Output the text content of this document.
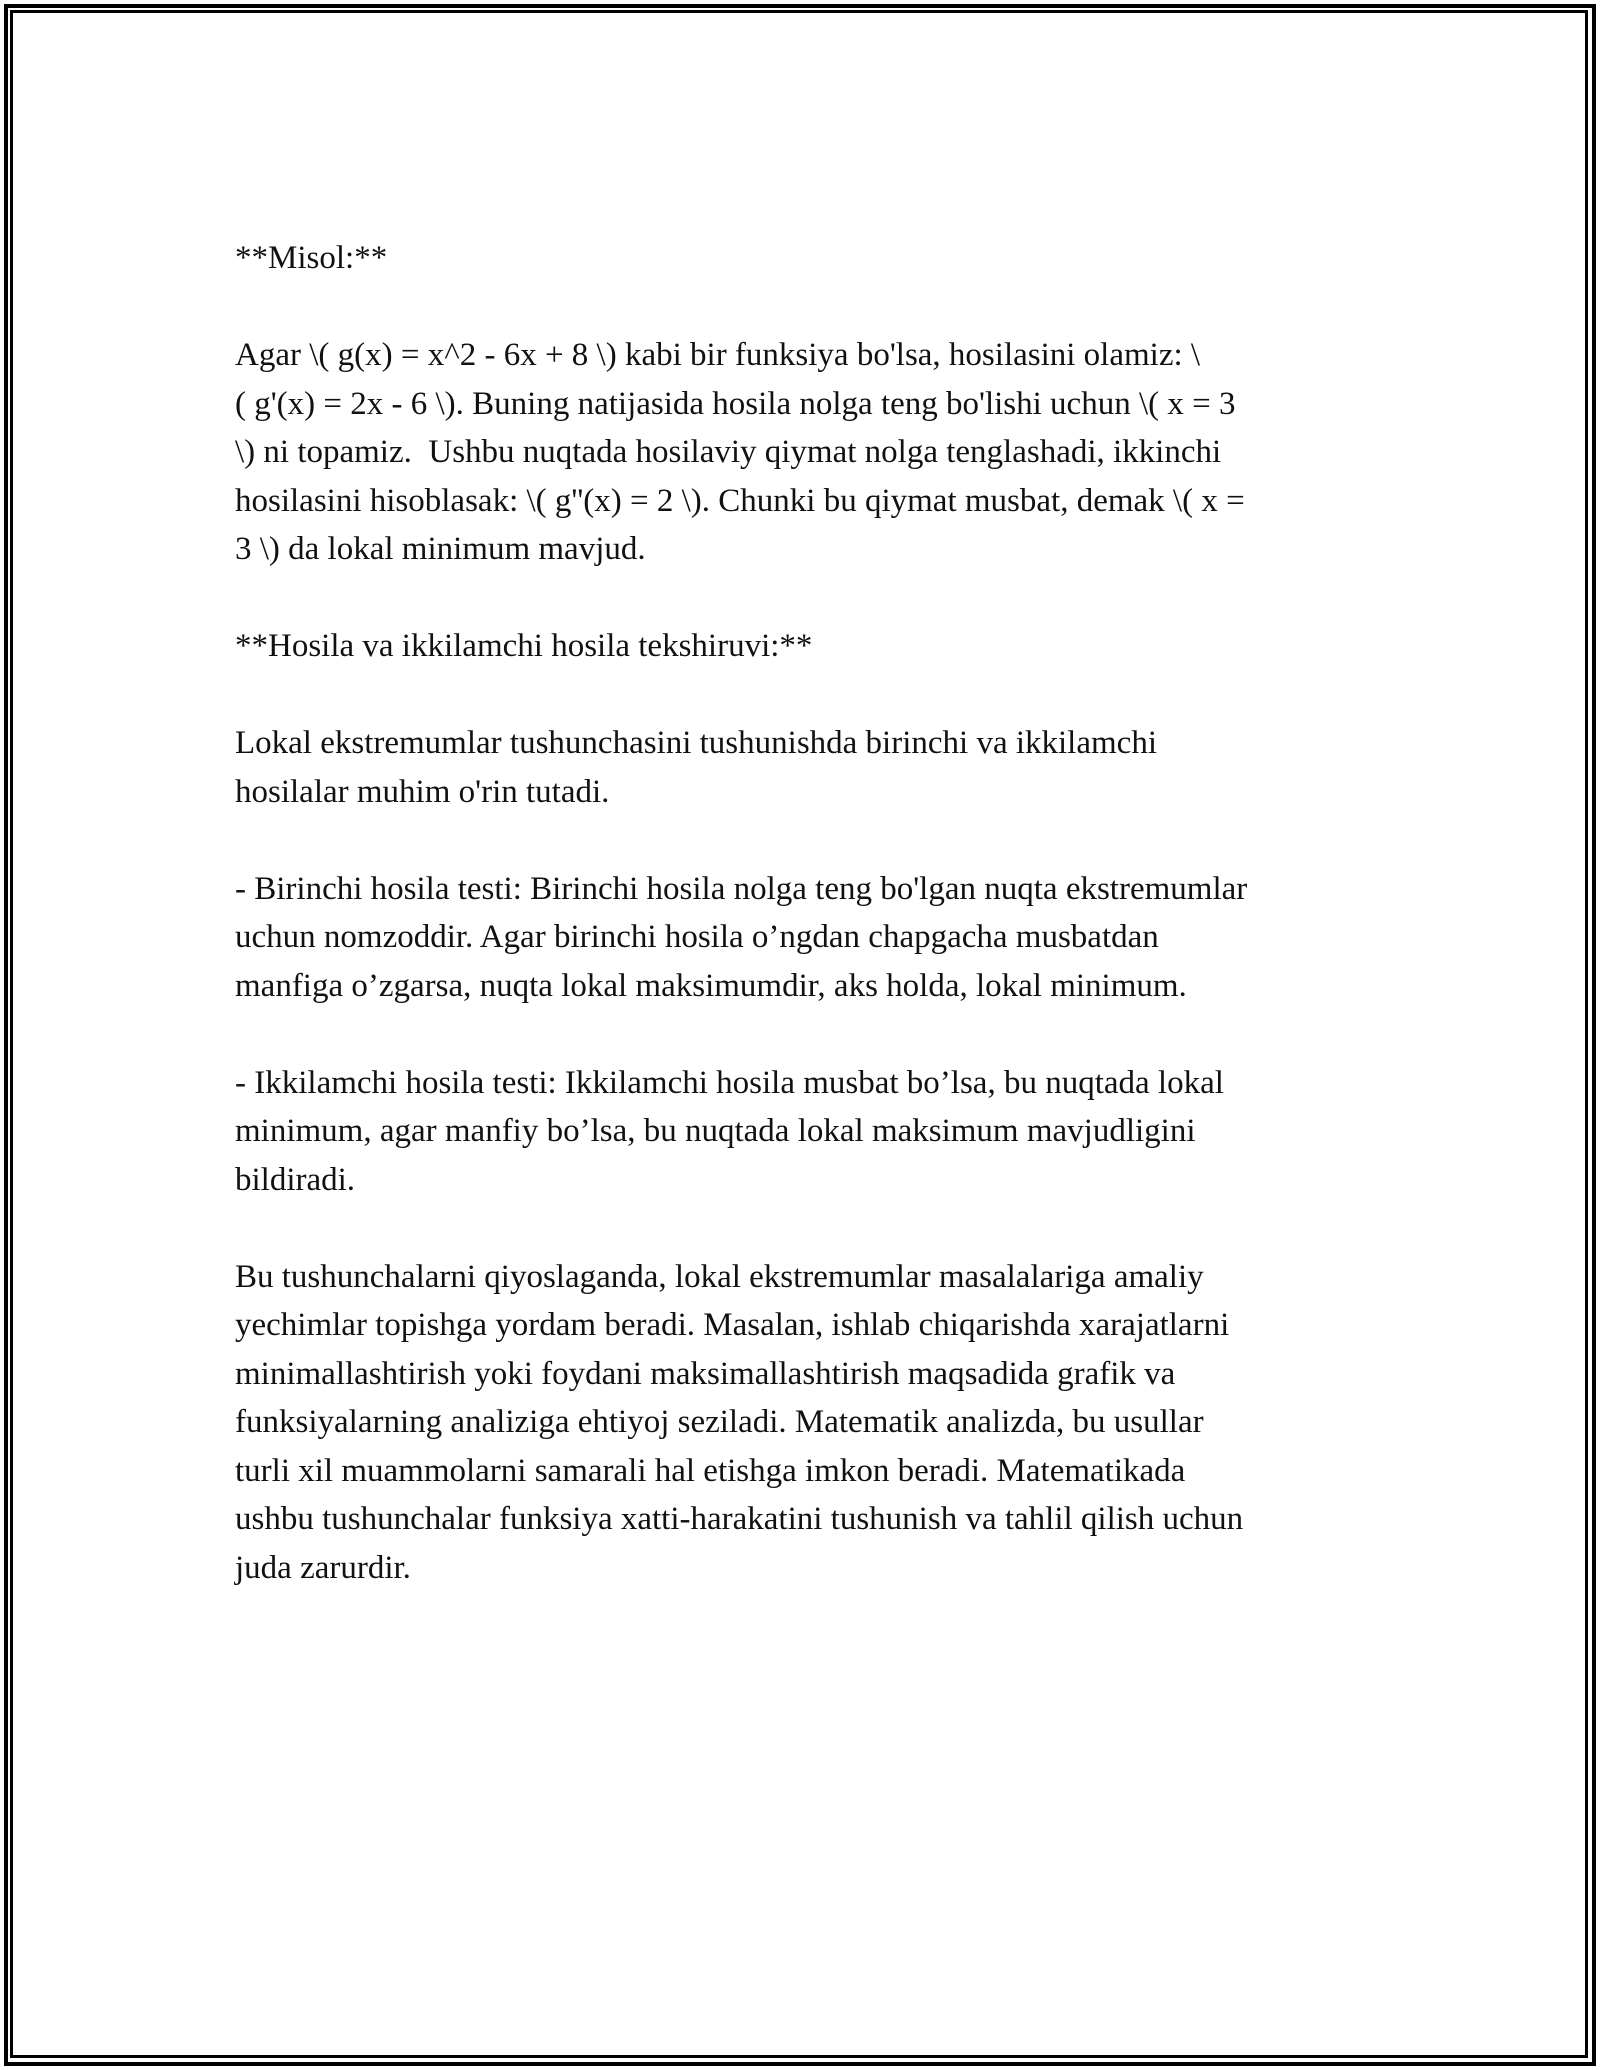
**Misol:**

Agar \( g(x) = x^2 - 6x + 8 \) kabi bir funksiya bo'lsa, hosilasini olamiz: \
( g'(x) = 2x - 6 \). Buning natijasida hosila nolga teng bo'lishi uchun \( x = 3
\) ni topamiz.  Ushbu nuqtada hosilaviy qiymat nolga tenglashadi, ikkinchi
hosilasini hisoblasak: \( g''(x) = 2 \). Chunki bu qiymat musbat, demak \( x =
3 \) da lokal minimum mavjud.

**Hosila va ikkilamchi hosila tekshiruvi:**

Lokal ekstremumlar tushunchasini tushunishda birinchi va ikkilamchi
hosilalar muhim o'rin tutadi.

- Birinchi hosila testi: Birinchi hosila nolga teng bo'lgan nuqta ekstremumlar
uchun nomzoddir. Agar birinchi hosila o’ngdan chapgacha musbatdan
manfiga o’zgarsa, nuqta lokal maksimumdir, aks holda, lokal minimum.

- Ikkilamchi hosila testi: Ikkilamchi hosila musbat bo’lsa, bu nuqtada lokal
minimum, agar manfiy bo’lsa, bu nuqtada lokal maksimum mavjudligini
bildiradi.

Bu tushunchalarni qiyoslaganda, lokal ekstremumlar masalalariga amaliy
yechimlar topishga yordam beradi. Masalan, ishlab chiqarishda xarajatlarni
minimallashtirish yoki foydani maksimallashtirish maqsadida grafik va
funksiyalarning analiziga ehtiyoj seziladi. Matematik analizda, bu usullar
turli xil muammolarni samarali hal etishga imkon beradi. Matematikada
ushbu tushunchalar funksiya xatti-harakatini tushunish va tahlil qilish uchun
juda zarurdir.
